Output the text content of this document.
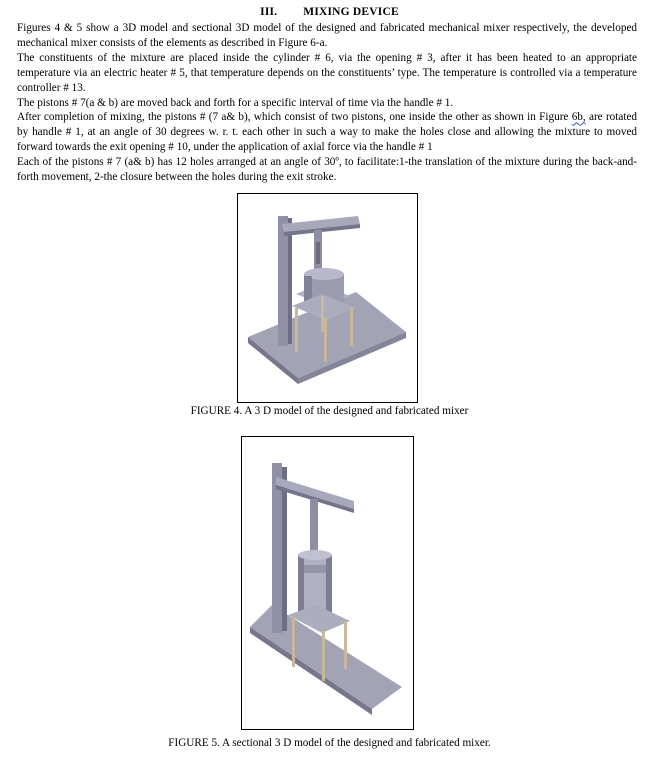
III. MIXING DEVICE

Figures 4 & 5 show a 3D model and sectional 3D model of the designed and fabricated mechanical mixer respectively, the developed mechanical mixer consists of the elements as described in Figure 6-a.

The constituents of the mixture are placed inside the cylinder # 6, via the opening # 3, after it has been heated to an appropriate temperature via an electric heater # 5, that temperature depends on the constituents’ type. The temperature is controlled via a temperature controller # 13.

The pistons # 7(a & b) are moved back and forth for a specific interval of time via the handle # 1.

After completion of mixing, the pistons # (7 a& b), which consist of two pistons, one inside the other as shown in Figure 6b, are rotated by handle # 1, at an angle of 30 degrees w. r. t. each other in such a way to make the holes close and allowing the mixture to moved forward towards the exit opening # 10, under the application of axial force via the handle # 1

Each of the pistons # 7 (a& b) has 12 holes arranged at an angle of 30º, to facilitate:1-the translation of the mixture during the back-and-forth movement, 2-the closure between the holes during the exit stroke.

FIGURE 4. A 3 D model of the designed and fabricated mixer
FIGURE 5. A sectional 3 D model of the designed and fabricated mixer.
